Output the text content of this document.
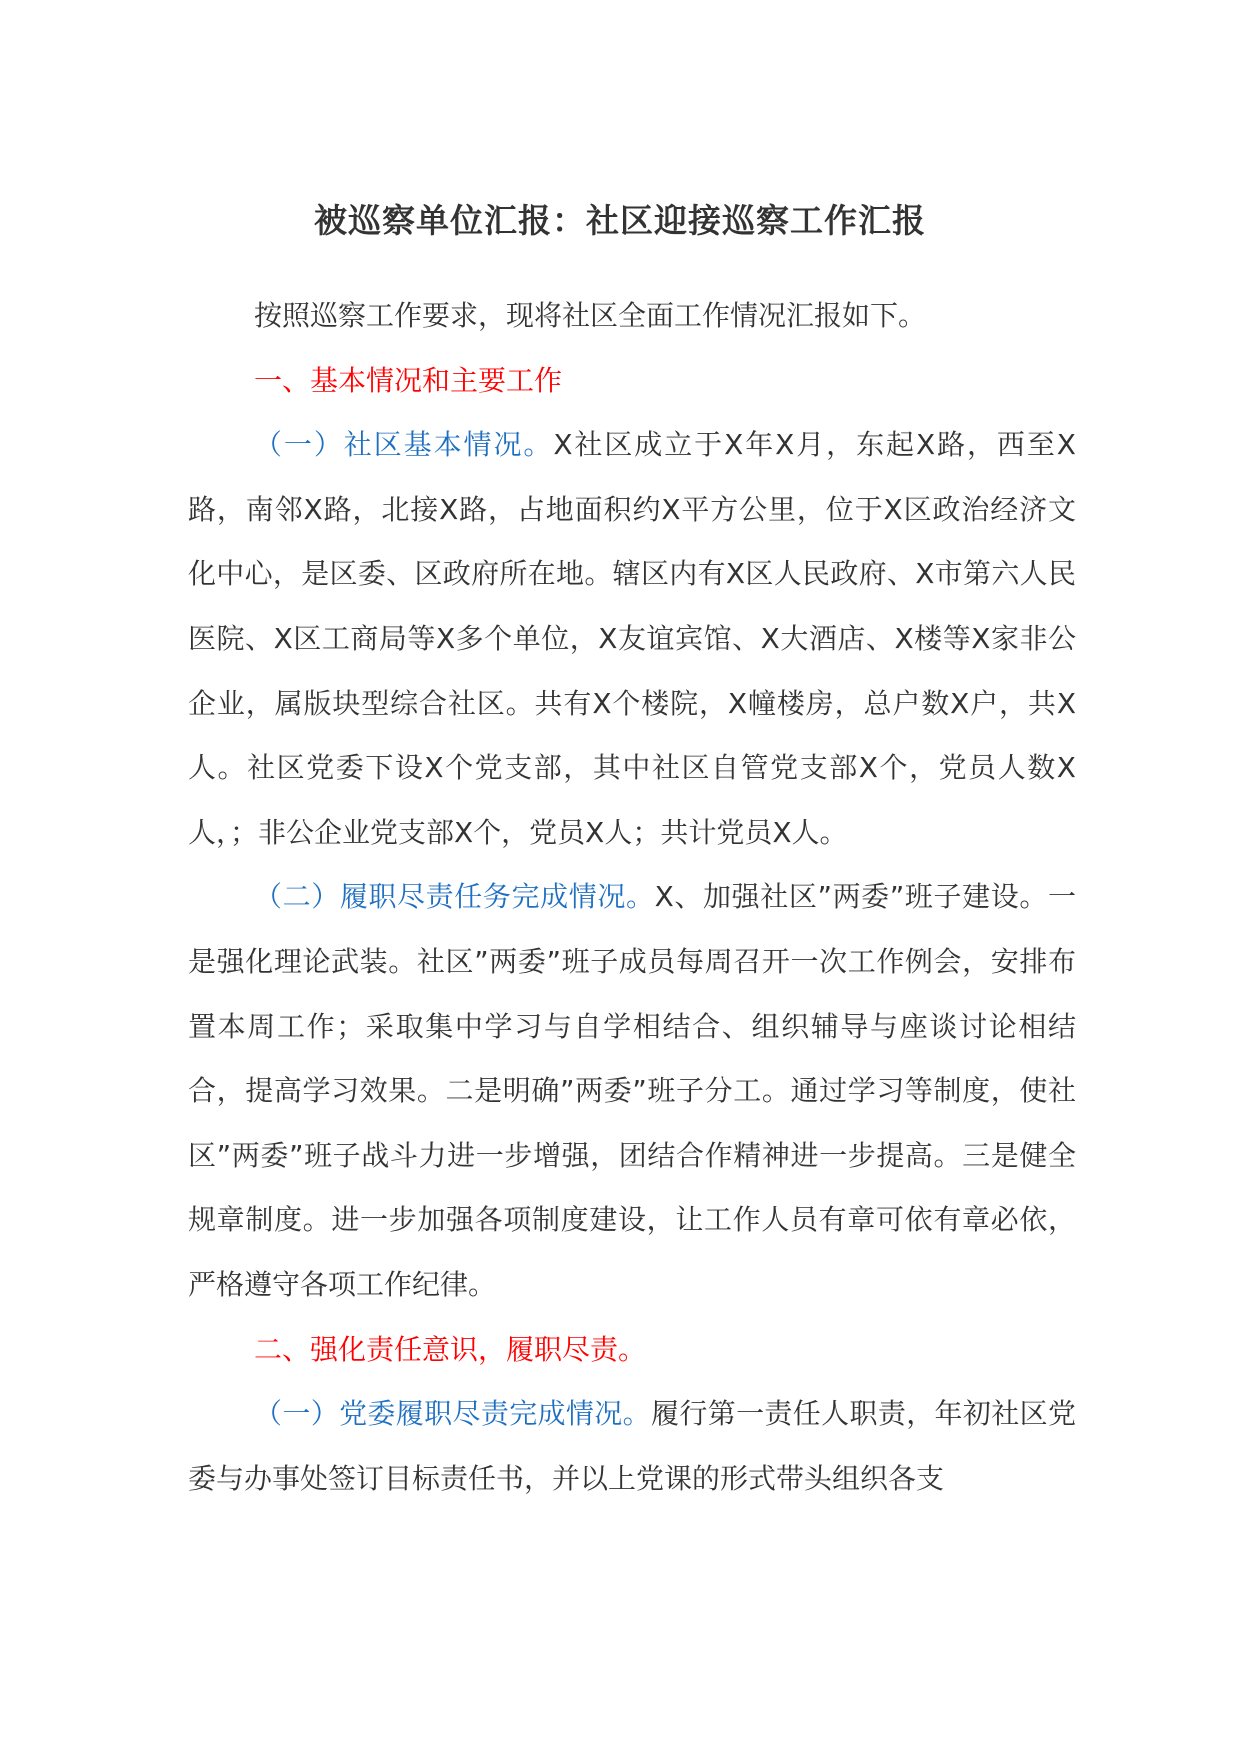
被巡察单位汇报：社区迎接巡察工作汇报

按照巡察工作要求，现将社区全面工作情况汇报如下。

一、基本情况和主要工作

（一）社区基本情况。X社区成立于X年X月，东起X路，西至X路，南邻X路，北接X路，占地面积约X平方公里，位于X区政治经济文化中心，是区委、区政府所在地。辖区内有X区人民政府、X市第六人民医院、X区工商局等X多个单位，X友谊宾馆、X大酒店、X楼等X家非公企业，属版块型综合社区。共有X个楼院，X幢楼房，总户数X户，共X人。社区党委下设X个党支部，其中社区自管党支部X个，党员人数X人，；非公企业党支部X个，党员X人；共计党员X人。

（二）履职尽责任务完成情况。X、加强社区”两委”班子建设。一是强化理论武装。社区”两委”班子成员每周召开一次工作例会，安排布置本周工作；采取集中学习与自学相结合、组织辅导与座谈讨论相结合，提高学习效果。二是明确”两委”班子分工。通过学习等制度，使社区”两委”班子战斗力进一步增强，团结合作精神进一步提高。三是健全规章制度。进一步加强各项制度建设，让工作人员有章可依有章必依，严格遵守各项工作纪律。

二、强化责任意识，履职尽责。

（一）党委履职尽责完成情况。履行第一责任人职责，年初社区党委与办事处签订目标责任书，并以上党课的形式带头组织各支
